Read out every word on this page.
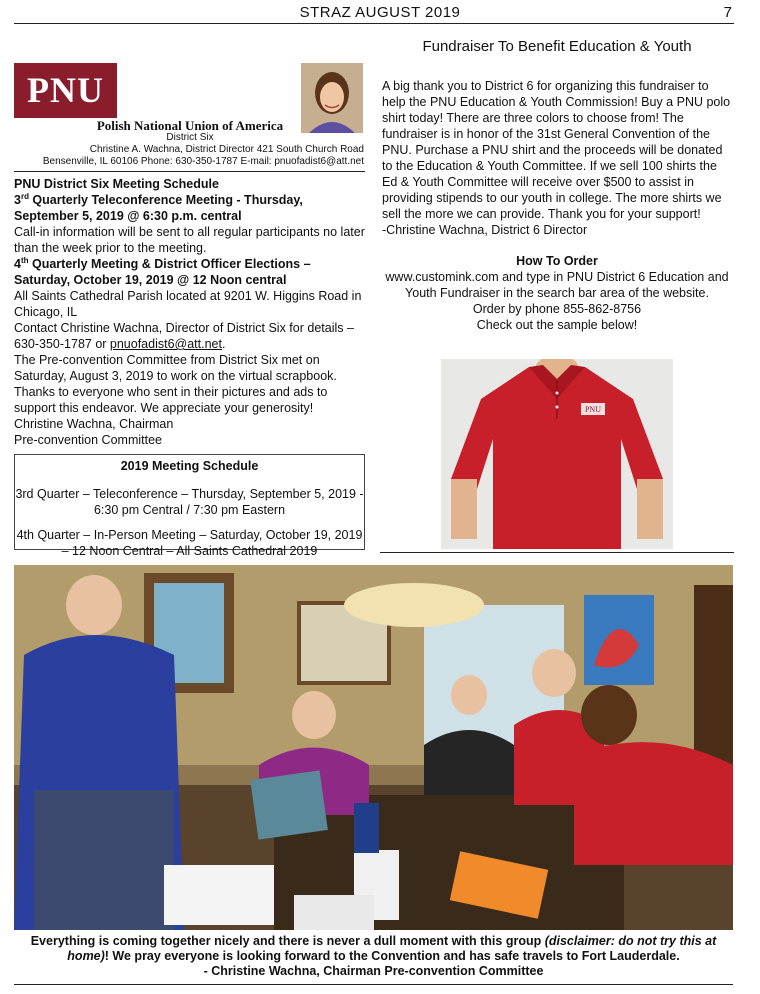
STRAZ AUGUST 2019	7
PNU
Polish National Union of America
District Six
Christine A. Wachna, District Director 421 South Church Road
Bensenville, IL 60106 Phone: 630-350-1787 E-mail: pnuofadist6@att.net

PNU District Six Meeting Schedule

3rd Quarterly Teleconference Meeting - Thursday, September 5, 2019 @ 6:30 p.m. central

Call-in information will be sent to all regular participants no later than the week prior to the meeting.

4th Quarterly Meeting & District Officer Elections – Saturday, October 19, 2019 @ 12 Noon central

All Saints Cathedral Parish located at 9201 W. Higgins Road in Chicago, IL

Contact Christine Wachna, Director of District Six for details – 630-350-1787 or pnuofadist6@att.net.

The Pre-convention Committee from District Six met on Saturday, August 3, 2019 to work on the virtual scrapbook. Thanks to everyone who sent in their pictures and ads to support this endeavor. We appreciate your generosity!

Christine Wachna, Chairman

Pre-convention Committee

2019 Meeting Schedule
3rd Quarter – Teleconference – Thursday, September 5, 2019 - 6:30 pm Central / 7:30 pm Eastern
4th Quarter – In-Person Meeting – Saturday, October 19, 2019 – 12 Noon Central – All Saints Cathedral 2019
Fundraiser To Benefit Education & Youth

A big thank you to District 6 for organizing this fundraiser to help the PNU Education & Youth Commission! Buy a PNU polo shirt today! There are three colors to choose from! The fundraiser is in honor of the 31st General Convention of the PNU. Purchase a PNU shirt and the proceeds will be donated to the Education & Youth Committee. If we sell 100 shirts the Ed & Youth Committee will receive over $500 to assist in providing stipends to our youth in college. The more shirts we sell the more we can provide. Thank you for your support!

-Christine Wachna, District 6 Director

How To Order
www.customink.com and type in PNU District 6 Education and Youth Fundraiser in the search bar area of the website.
Order by phone 855-862-8756
Check out the sample below!
PNU
Everything is coming together nicely and there is never a dull moment with this group (disclaimer: do not try this at home)! We pray everyone is looking forward to the Convention and has safe travels to Fort Lauderdale.
- Christine Wachna, Chairman Pre-convention Committee
